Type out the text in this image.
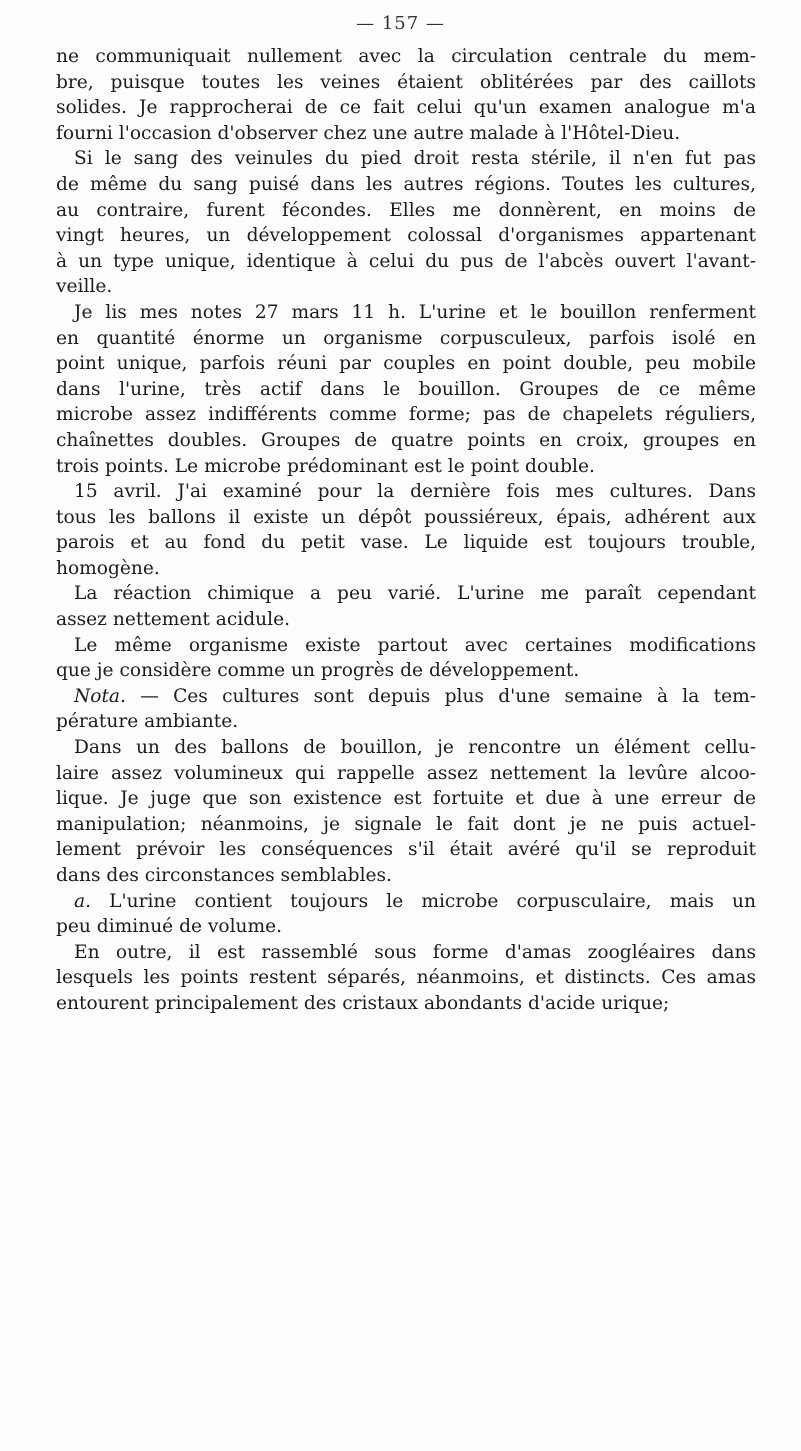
— 157 —
ne communiquait nullement avec la circulation centrale du mem-
bre, puisque toutes les veines étaient oblitérées par des caillots
solides. Je rapprocherai de ce fait celui qu'un examen analogue m'a
fourni l'occasion d'observer chez une autre malade à l'Hôtel-Dieu.
Si le sang des veinules du pied droit resta stérile, il n'en fut pas
de même du sang puisé dans les autres régions. Toutes les cultures,
au contraire, furent fécondes. Elles me donnèrent, en moins de
vingt heures, un développement colossal d'organismes appartenant
à un type unique, identique à celui du pus de l'abcès ouvert l'avant-
veille.
Je lis mes notes 27 mars 11 h. L'urine et le bouillon renferment
en quantité énorme un organisme corpusculeux, parfois isolé en
point unique, parfois réuni par couples en point double, peu mobile
dans l'urine, très actif dans le bouillon. Groupes de ce même
microbe assez indifférents comme forme; pas de chapelets réguliers,
chaînettes doubles. Groupes de quatre points en croix, groupes en
trois points. Le microbe prédominant est le point double.
15 avril. J'ai examiné pour la dernière fois mes cultures. Dans
tous les ballons il existe un dépôt poussiéreux, épais, adhérent aux
parois et au fond du petit vase. Le liquide est toujours trouble,
homogène.
La réaction chimique a peu varié. L'urine me paraît cependant
assez nettement acidule.
Le même organisme existe partout avec certaines modifications
que je considère comme un progrès de développement.
Nota. — Ces cultures sont depuis plus d'une semaine à la tem-
pérature ambiante.
Dans un des ballons de bouillon, je rencontre un élément cellu-
laire assez volumineux qui rappelle assez nettement la levûre alcoo-
lique. Je juge que son existence est fortuite et due à une erreur de
manipulation; néanmoins, je signale le fait dont je ne puis actuel-
lement prévoir les conséquences s'il était avéré qu'il se reproduit
dans des circonstances semblables.
a. L'urine contient toujours le microbe corpusculaire, mais un
peu diminué de volume.
En outre, il est rassemblé sous forme d'amas zoogléaires dans
lesquels les points restent séparés, néanmoins, et distincts. Ces amas
entourent principalement des cristaux abondants d'acide urique;
